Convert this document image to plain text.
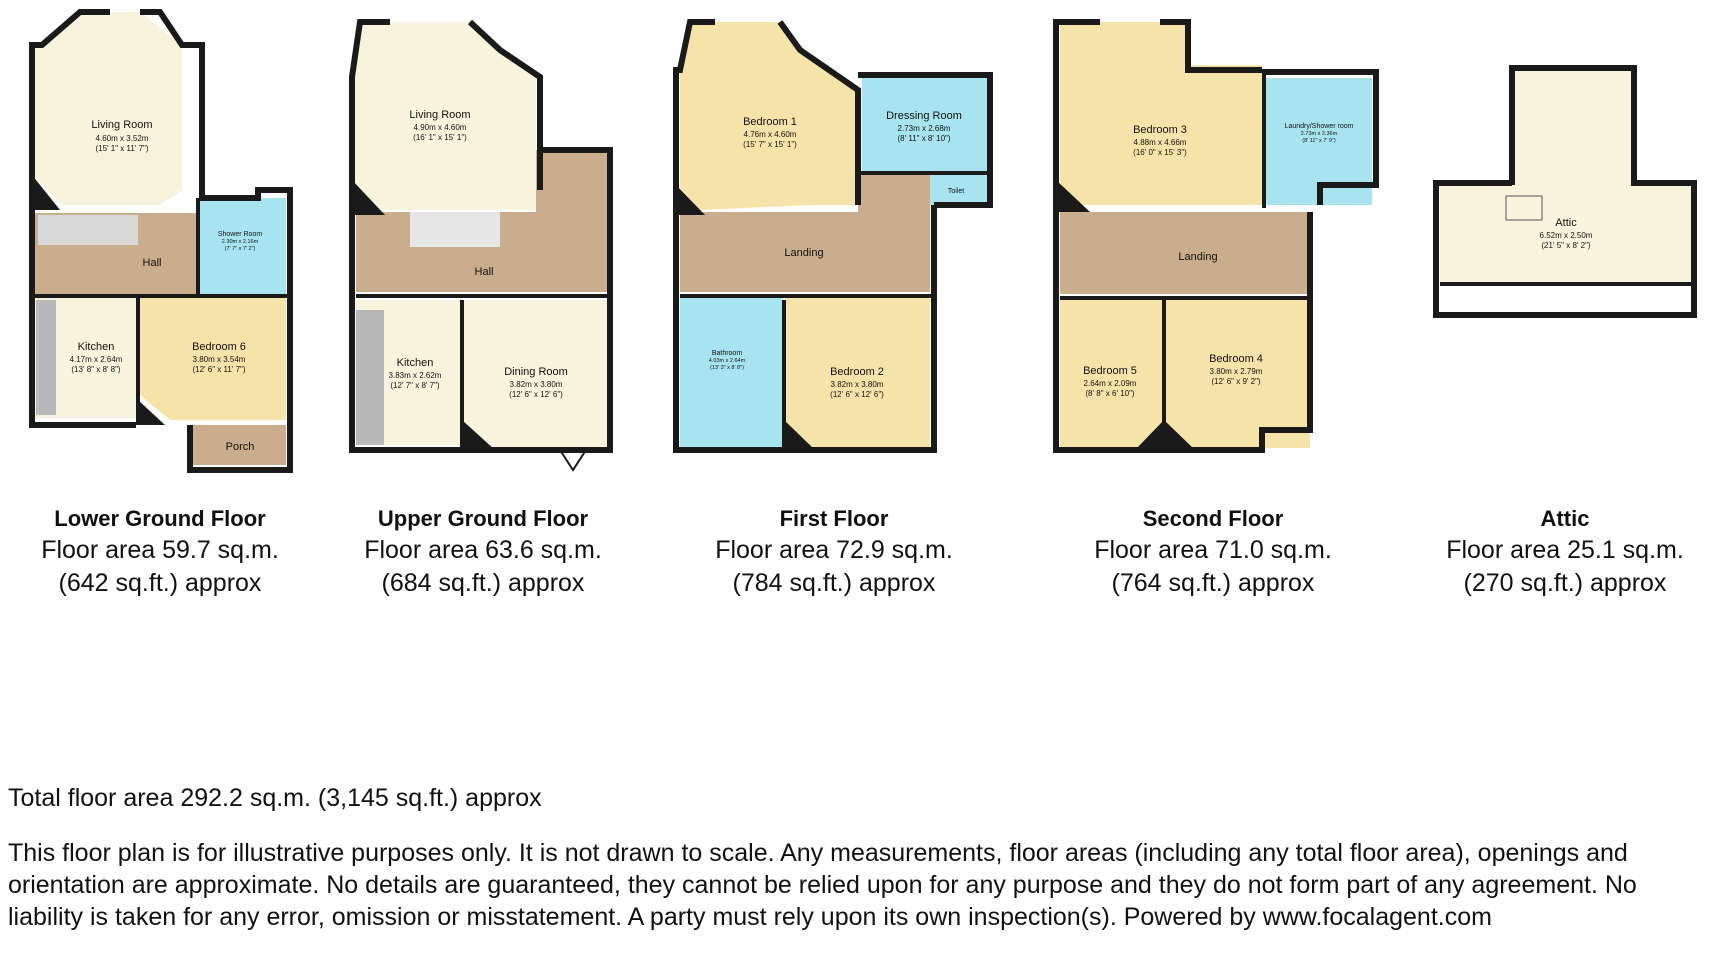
Living Room
4.60m x 3.52m
(15' 1" x 11' 7")
Hall
Shower Room
2.30m x 2.16m
(7' 7" x 7' 2")
Kitchen
4.17m x 2.64m
(13' 8" x 8' 8")
Bedroom 6
3.80m x 3.54m
(12' 6" x 11' 7")
Porch
Living Room
4.90m x 4.60m
(16' 1" x 15' 1")
Hall
Kitchen
3.83m x 2.62m
(12' 7" x 8' 7")
Dining Room
3.82m x 3.80m
(12' 6" x 12' 6")
Bedroom 1
4.76m x 4.60m
(15' 7" x 15' 1")
Dressing Room
2.73m x 2.68m
(8' 11" x 8' 10")
Toilet
Landing
Bathroom
4.03m x 2.64m
(13' 3" x 8' 8")	Bedroom 2
3.82m x 3.80m
(12' 6" x 12' 6")
Bedroom 3
4.88m x 4.66m
(16' 0" x 15' 3")
Laundry/Shower room
2.73m x 2.36m
(8' 11" x 7' 9")
Landing
Bedroom 5
2.64m x 2.09m
(8' 8" x 6' 10")
Bedroom 4
3.80m x 2.79m
(12' 6" x 9' 2")
Attic
6.52m x 2.50m
(21' 5" x 8' 2")
Lower Ground Floor
Floor area 59.7 sq.m.
(642 sq.ft.) approx
Upper Ground Floor
Floor area 63.6 sq.m.
(684 sq.ft.) approx
First Floor
Floor area 72.9 sq.m.
(784 sq.ft.) approx
Second Floor
Floor area 71.0 sq.m.
(764 sq.ft.) approx
Attic
Floor area 25.1 sq.m.
(270 sq.ft.) approx
Total floor area 292.2 sq.m. (3,145 sq.ft.) approx
This floor plan is for illustrative purposes only. It is not drawn to scale. Any measurements, floor areas (including any total floor area), openings and orientation are approximate. No details are guaranteed, they cannot be relied upon for any purpose and they do not form part of any agreement. No liability is taken for any error, omission or misstatement. A party must rely upon its own inspection(s). Powered by www.focalagent.com
